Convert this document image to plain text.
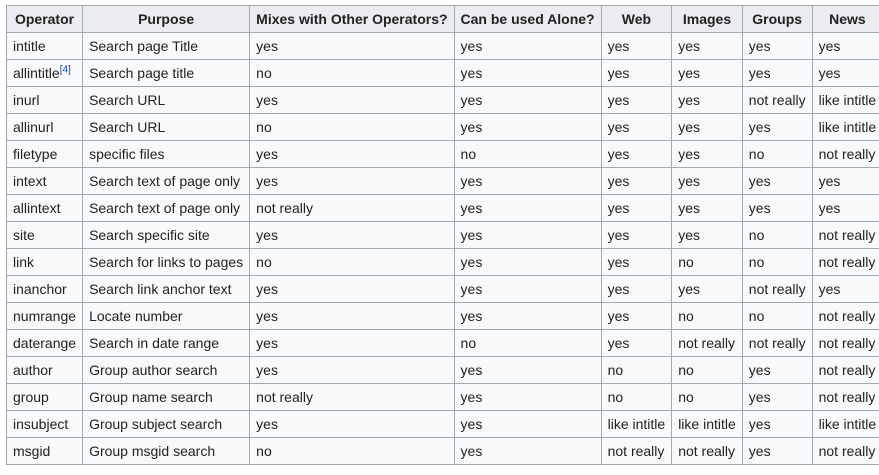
Operator	Purpose	Mixes with Other Operators?	Can be used Alone?	Web	Images	Groups	News
intitle	Search page Title	yes	yes	yes	yes	yes	yes
allintitle[4]	Search page title	no	yes	yes	yes	yes	yes
inurl	Search URL	yes	yes	yes	yes	not really	like intitle
allinurl	Search URL	no	yes	yes	yes	yes	like intitle
filetype	specific files	yes	no	yes	yes	no	not really
intext	Search text of page only	yes	yes	yes	yes	yes	yes
allintext	Search text of page only	not really	yes	yes	yes	yes	yes
site	Search specific site	yes	yes	yes	yes	no	not really
link	Search for links to pages	no	yes	yes	no	no	not really
inanchor	Search link anchor text	yes	yes	yes	yes	not really	yes
numrange	Locate number	yes	yes	yes	no	no	not really
daterange	Search in date range	yes	no	yes	not really	not really	not really
author	Group author search	yes	yes	no	no	yes	not really
group	Group name search	not really	yes	no	no	yes	not really
insubject	Group subject search	yes	yes	like intitle	like intitle	yes	like intitle
msgid	Group msgid search	no	yes	not really	not really	yes	not really
